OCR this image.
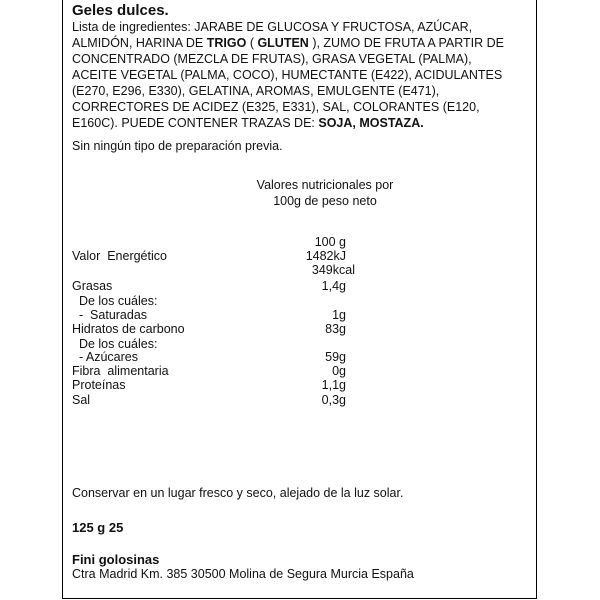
Geles dulces.
Lista de ingredientes: JARABE DE GLUCOSA Y FRUCTOSA, AZÚCAR,
ALMIDÓN, HARINA DE TRIGO ( GLUTEN ), ZUMO DE FRUTA A PARTIR DE
CONCENTRADO (MEZCLA DE FRUTAS), GRASA VEGETAL (PALMA),
ACEITE VEGETAL (PALMA, COCO), HUMECTANTE (E422), ACIDULANTES
(E270, E296, E330), GELATINA, AROMAS, EMULGENTE (E471),
CORRECTORES DE ACIDEZ (E325, E331), SAL, COLORANTES (E120,
E160C). PUEDE CONTENER TRAZAS DE: SOJA, MOSTAZA.
Sin ningún tipo de preparación previa.
Valores nutricionales por
100g de peso neto
100 g
Valor  Energético	1482kJ
349kcal
Grasas	1,4g
De los cuáles:
-  Saturadas	1g
Hidratos de carbono	83g
De los cuáles:
- Azúcares	59g
Fibra  alimentaria	0g
Proteínas	1,1g
Sal	0,3g
Conservar en un lugar fresco y seco, alejado de la luz solar.
125 g 25
Fini golosinas
Ctra Madrid Km. 385 30500 Molina de Segura Murcia España
